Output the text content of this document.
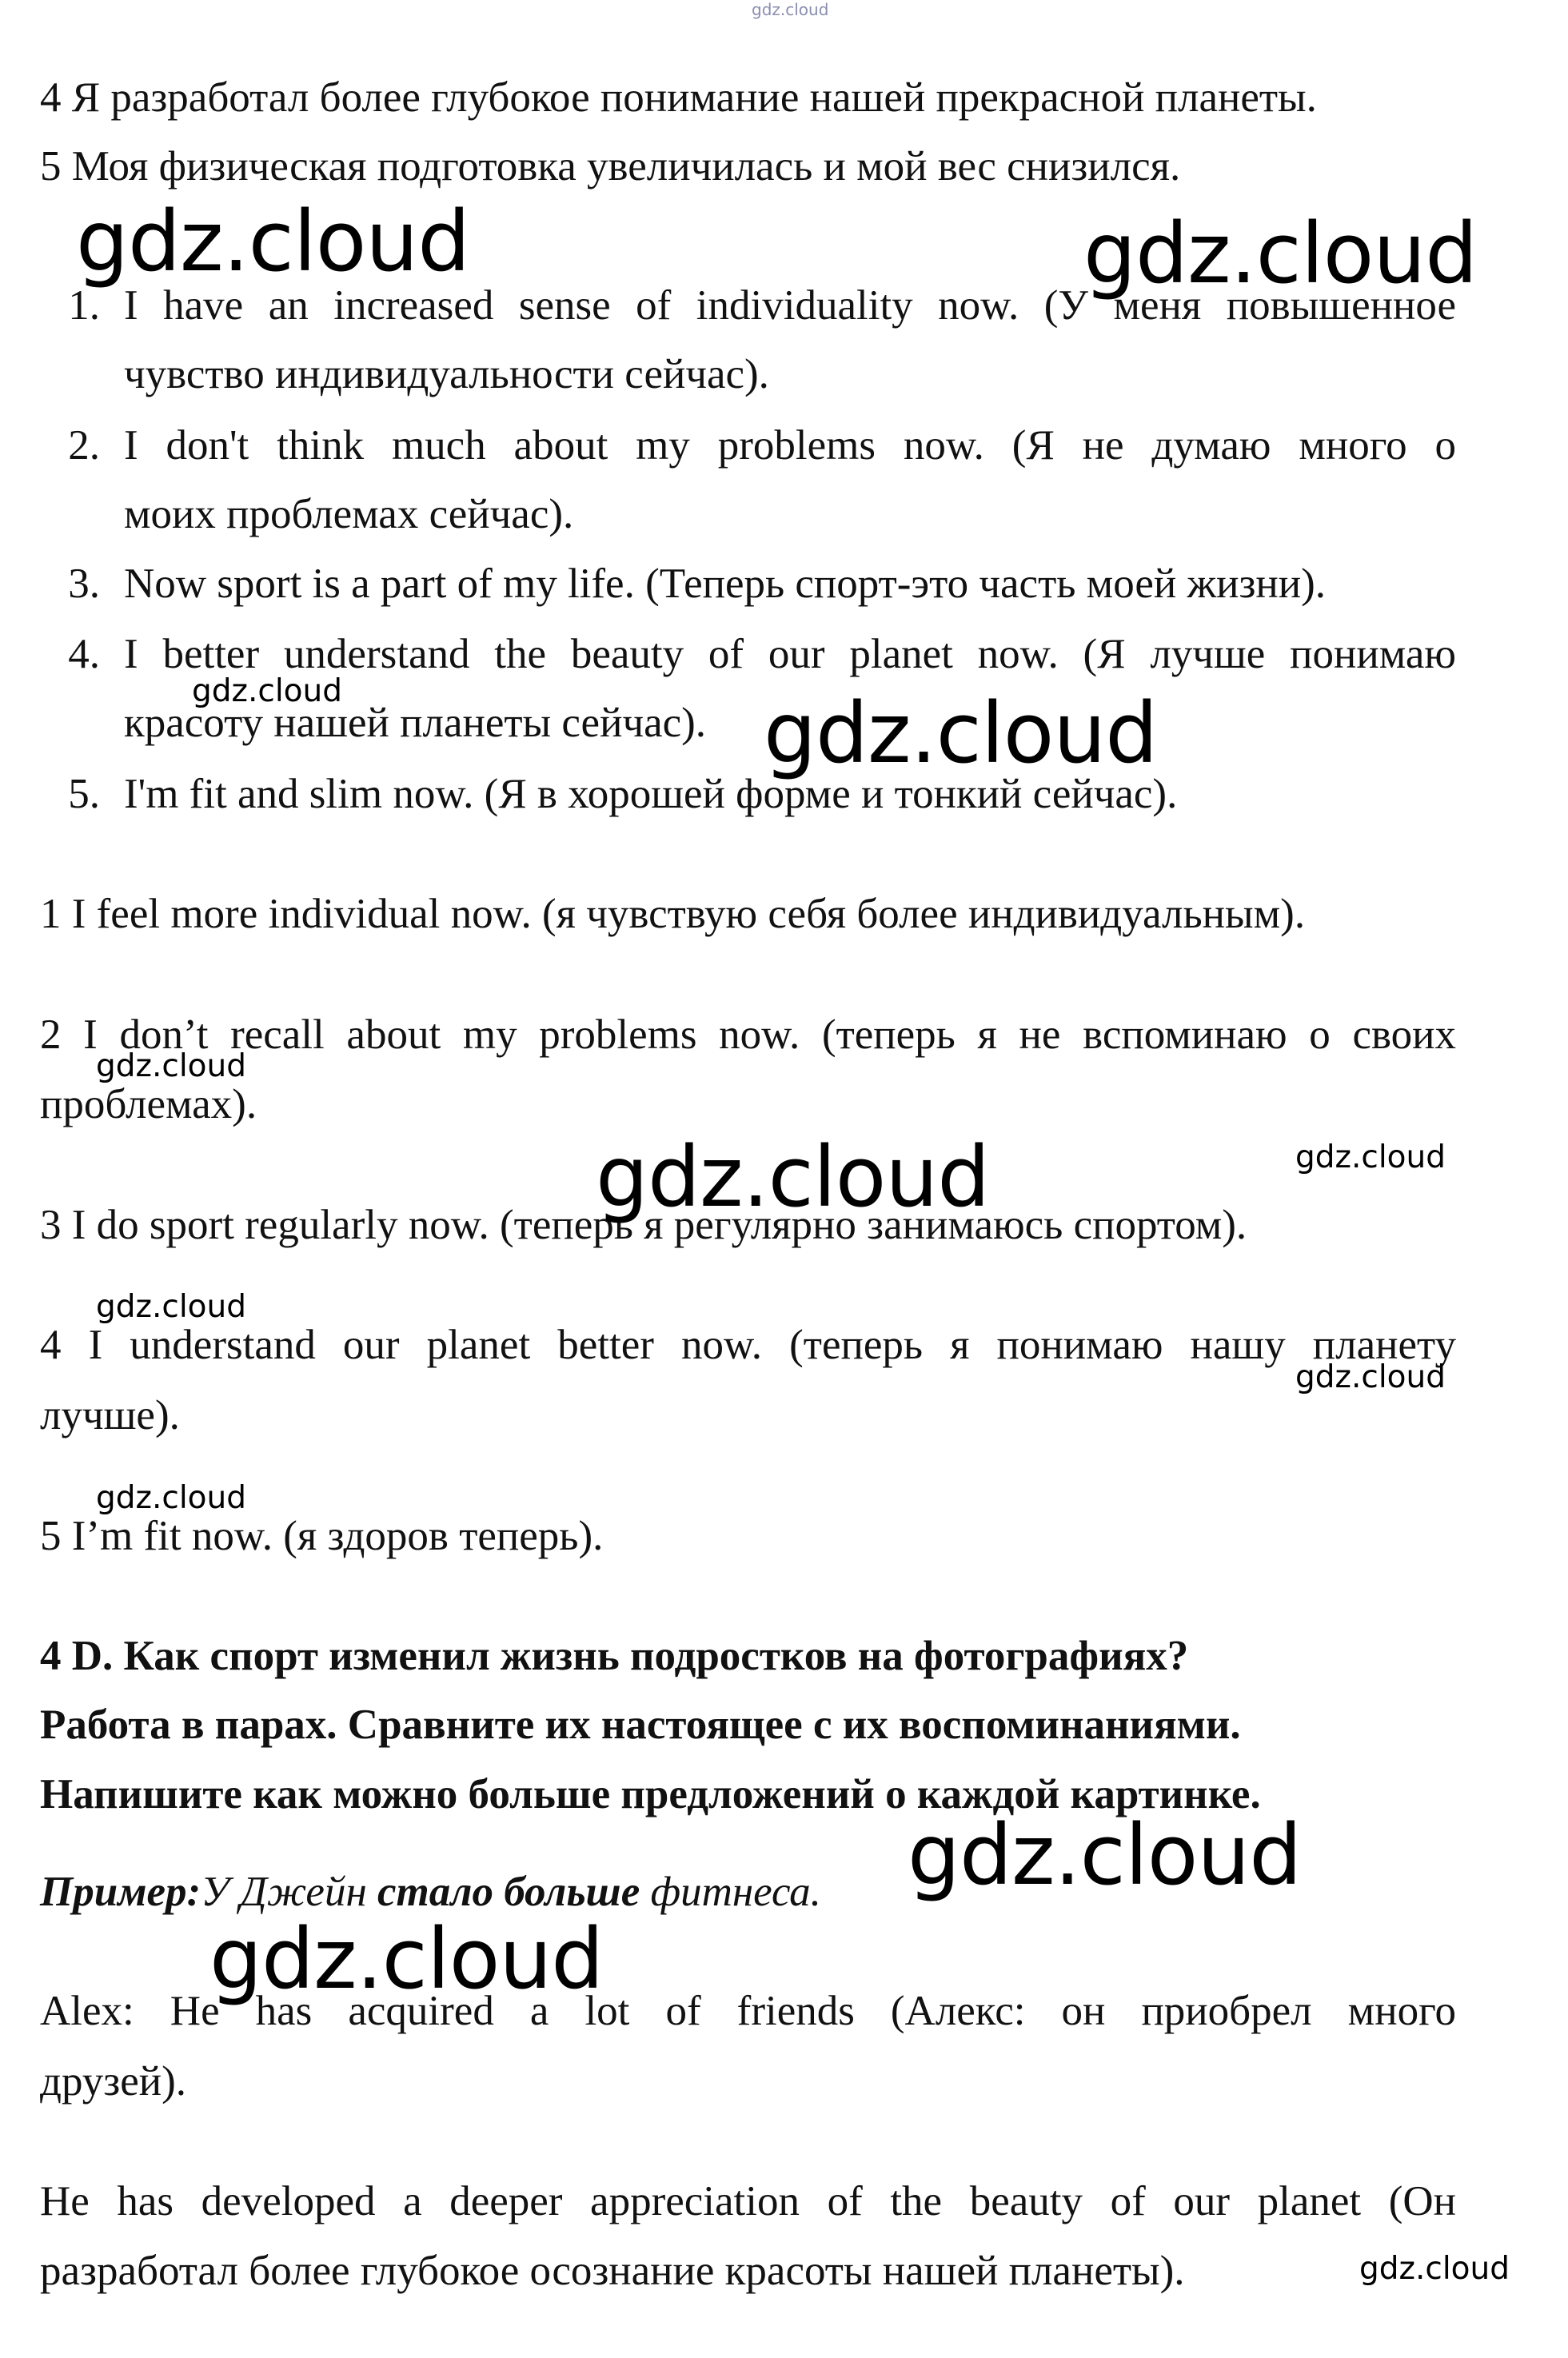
gdz.cloud
4 Я разработал более глубокое понимание нашей прекрасной планеты.
5 Моя физическая подготовка увеличилась и мой вес снизился.
1. I have an increased sense of individuality now. (У меня повышенное
чувство индивидуальности сейчас).
2. I don't think much about my problems now. (Я не думаю много о
моих проблемах сейчас).
3. Now sport is a part of my life. (Теперь спорт-это часть моей жизни).
4. I better understand the beauty of our planet now. (Я лучше понимаю
красоту нашей планеты сейчас).
5. I'm fit and slim now. (Я в хорошей форме и тонкий сейчас).
1 I feel more individual now. (я чувствую себя более индивидуальным).
2 I don’t recall about my problems now. (теперь я не вспоминаю о своих
проблемах).
3 I do sport regularly now. (теперь я регулярно занимаюсь спортом).
4 I understand our planet better now. (теперь я понимаю нашу планету
лучше).
5 I’m fit now. (я здоров теперь).
4 D. Как спорт изменил жизнь подростков на фотографиях?
Работа в парах. Сравните их настоящее с их воспоминаниями.
Напишите как можно больше предложений о каждой картинке.
Пример:У Джейн стало больше фитнеса.
Alex: He has acquired a lot of friends (Алекс: он приобрел много
друзей).
He has developed a deeper appreciation of the beauty of our planet (Он
разработал более глубокое осознание красоты нашей планеты).
gdz.cloud	gdz.cloud
gdz.cloud
gdz.cloud
gdz.cloud
gdz.cloud
gdz.cloud
gdz.cloud
gdz.cloud
gdz.cloud
gdz.cloud
gdz.cloud
gdz.cloud
